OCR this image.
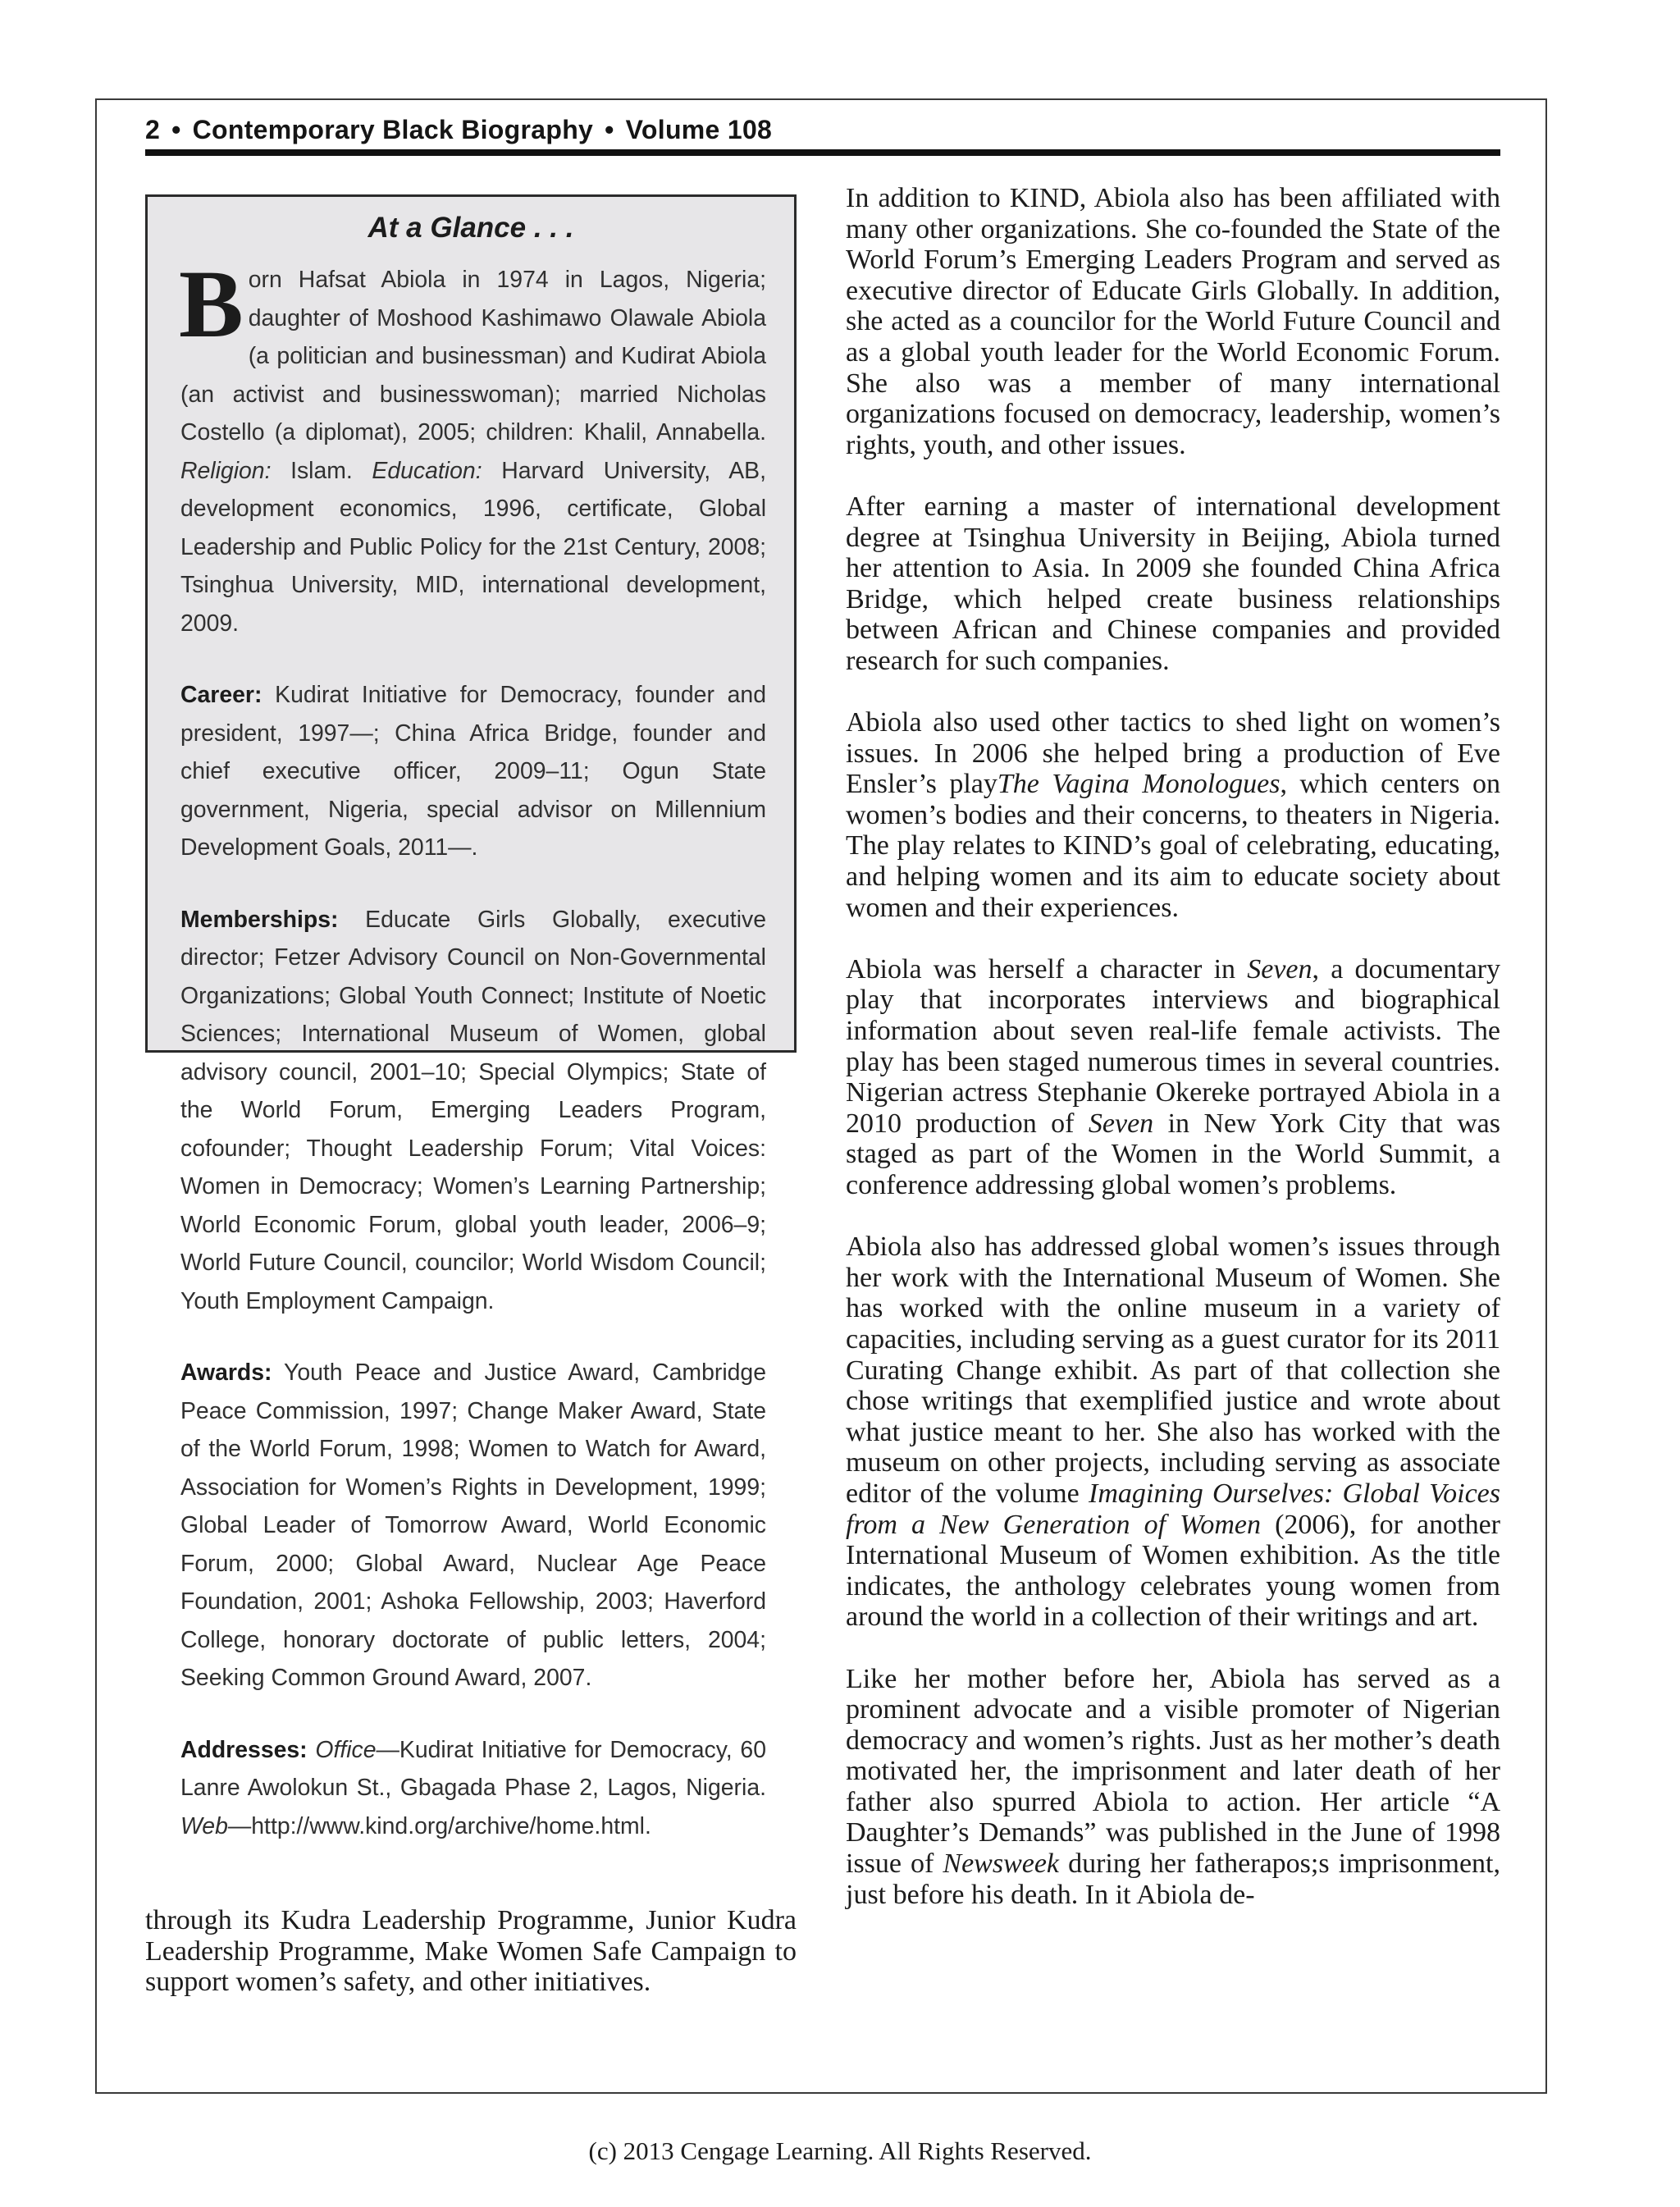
2 • Contemporary Black Biography • Volume 108
At a Glance . . .

Born Hafsat Abiola in 1974 in Lagos, Nigeria; daughter of Moshood Kashimawo Olawale Abiola (a politician and businessman) and Kudirat Abiola (an activist and businesswoman); married Nicholas Costello (a diplomat), 2005; children: Khalil, Annabella. Religion: Islam. Education: Harvard University, AB, development economics, 1996, certificate, Global Leadership and Public Policy for the 21st Century, 2008; Tsinghua University, MID, international development, 2009.

Career: Kudirat Initiative for Democracy, founder and president, 1997—; China Africa Bridge, founder and chief executive officer, 2009–11; Ogun State government, Nigeria, special advisor on Millennium Development Goals, 2011—.

Memberships: Educate Girls Globally, executive director; Fetzer Advisory Council on Non-Governmental Organizations; Global Youth Connect; Institute of Noetic Sciences; International Museum of Women, global advisory council, 2001–10; Special Olympics; State of the World Forum, Emerging Leaders Program, cofounder; Thought Leadership Forum; Vital Voices: Women in Democracy; Women’s Learning Partnership; World Economic Forum, global youth leader, 2006–9; World Future Council, councilor; World Wisdom Council; Youth Employment Campaign.

Awards: Youth Peace and Justice Award, Cambridge Peace Commission, 1997; Change Maker Award, State of the World Forum, 1998; Women to Watch for Award, Association for Women’s Rights in Development, 1999; Global Leader of Tomorrow Award, World Economic Forum, 2000; Global Award, Nuclear Age Peace Foundation, 2001; Ashoka Fellowship, 2003; Haverford College, honorary doctorate of public letters, 2004; Seeking Common Ground Award, 2007.

Addresses: Office—Kudirat Initiative for Democracy, 60 Lanre Awolokun St., Gbagada Phase 2, Lagos, Nigeria. Web—http://www.kind.org/archive/home.html.

through its Kudra Leadership Programme, Junior Kudra Leadership Programme, Make Women Safe Campaign to support women’s safety, and other initiatives.

In addition to KIND, Abiola also has been affiliated with many other organizations. She co-founded the State of the World Forum’s Emerging Leaders Program and served as executive director of Educate Girls Globally. In addition, she acted as a councilor for the World Future Council and as a global youth leader for the World Economic Forum. She also was a member of many international organizations focused on democracy, leadership, women’s rights, youth, and other issues.

After earning a master of international development degree at Tsinghua University in Beijing, Abiola turned her attention to Asia. In 2009 she founded China Africa Bridge, which helped create business relationships between African and Chinese companies and provided research for such companies.

Abiola also used other tactics to shed light on women’s issues. In 2006 she helped bring a production of Eve Ensler’s playThe Vagina Monologues, which centers on women’s bodies and their concerns, to theaters in Nigeria. The play relates to KIND’s goal of celebrating, educating, and helping women and its aim to educate society about women and their experiences.

Abiola was herself a character in Seven, a documentary play that incorporates interviews and biographical information about seven real-life female activists. The play has been staged numerous times in several countries. Nigerian actress Stephanie Okereke portrayed Abiola in a 2010 production of Seven in New York City that was staged as part of the Women in the World Summit, a conference addressing global women’s problems.

Abiola also has addressed global women’s issues through her work with the International Museum of Women. She has worked with the online museum in a variety of capacities, including serving as a guest curator for its 2011 Curating Change exhibit. As part of that collection she chose writings that exemplified justice and wrote about what justice meant to her. She also has worked with the museum on other projects, including serving as associate editor of the volume Imagining Ourselves: Global Voices from a New Generation of Women (2006), for another International Museum of Women exhibition. As the title indicates, the anthology celebrates young women from around the world in a collection of their writings and art.

Like her mother before her, Abiola has served as a prominent advocate and a visible promoter of Nigerian democracy and women’s rights. Just as her mother’s death motivated her, the imprisonment and later death of her father also spurred Abiola to action. Her article “A Daughter’s Demands” was published in the June of 1998 issue of Newsweek during her fatherapos;s imprisonment, just before his death. In it Abiola de-

(c) 2013 Cengage Learning. All Rights Reserved.
